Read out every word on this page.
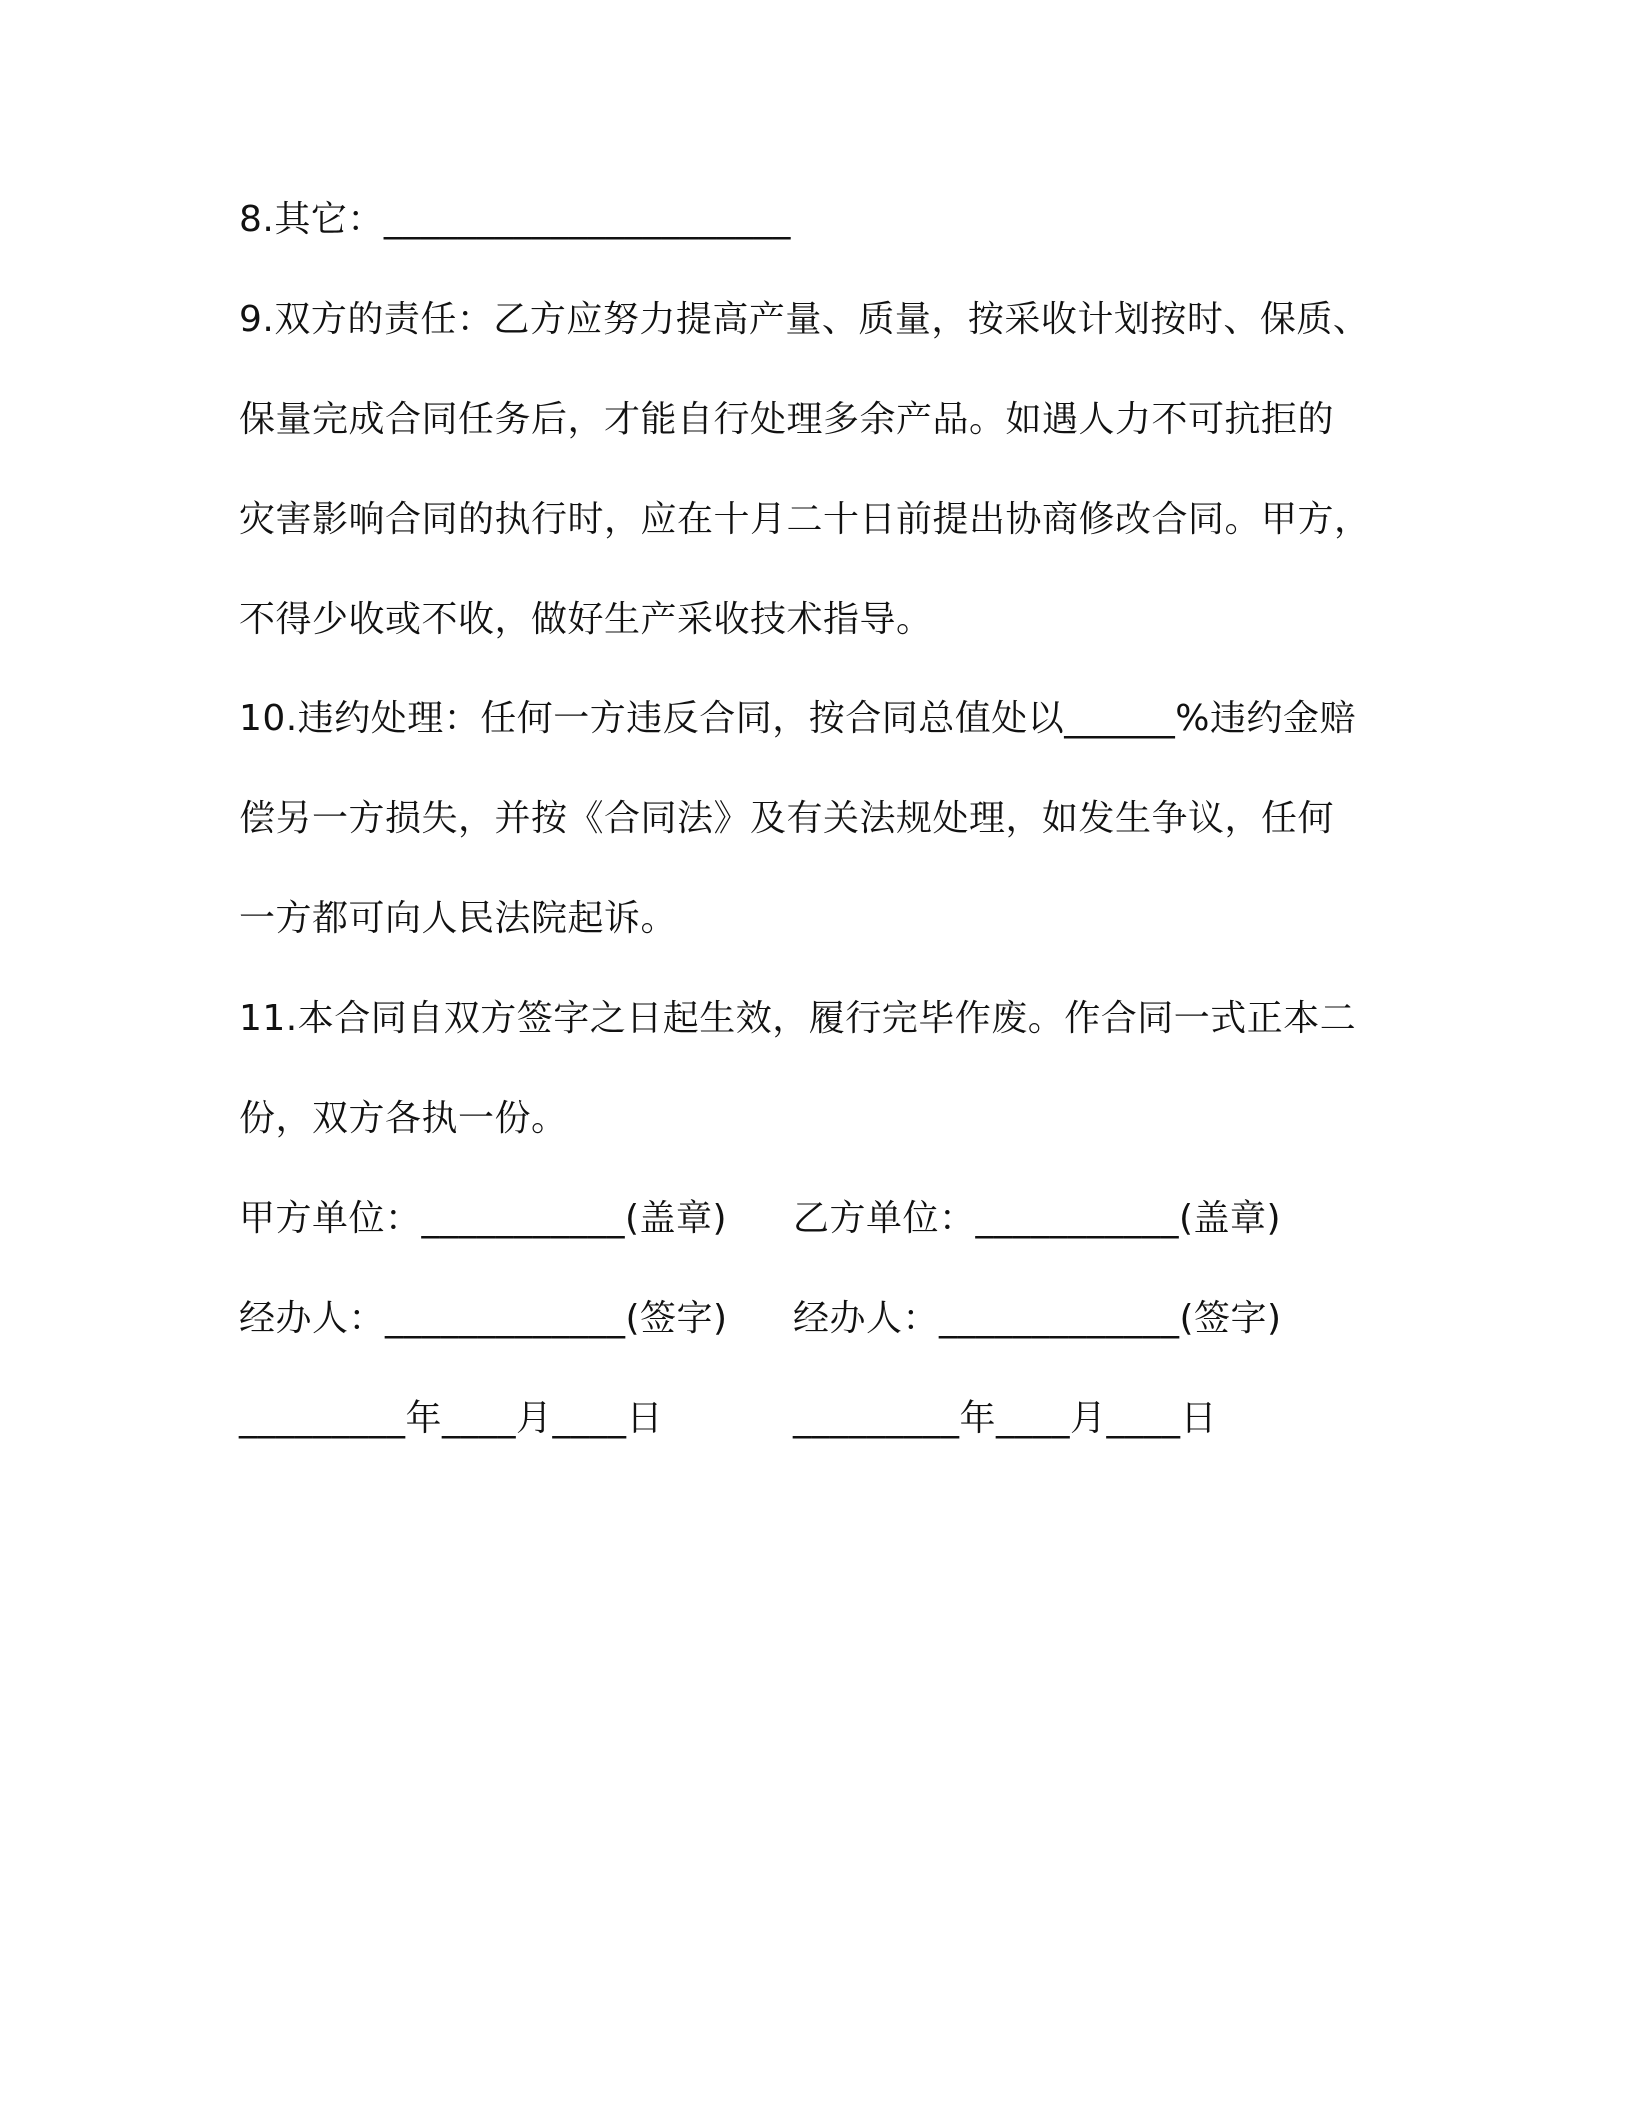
8.其它：______________________
9.双方的责任：乙方应努力提高产量、质量，按采收计划按时、保质、
保量完成合同任务后，才能自行处理多余产品。如遇人力不可抗拒的
灾害影响合同的执行时，应在十月二十日前提出协商修改合同。甲方，
不得少收或不收，做好生产采收技术指导。
10.违约处理：任何一方违反合同，按合同总值处以______%违约金赔
偿另一方损失，并按《合同法》及有关法规处理，如发生争议，任何
一方都可向人民法院起诉。
11.本合同自双方签字之日起生效，履行完毕作废。作合同一式正本二
份，双方各执一份。
甲方单位：___________(盖章) 乙方单位：___________(盖章)
经办人：_____________(签字) 经办人：_____________(签字)
_________年____月____日	_________年____月____日
